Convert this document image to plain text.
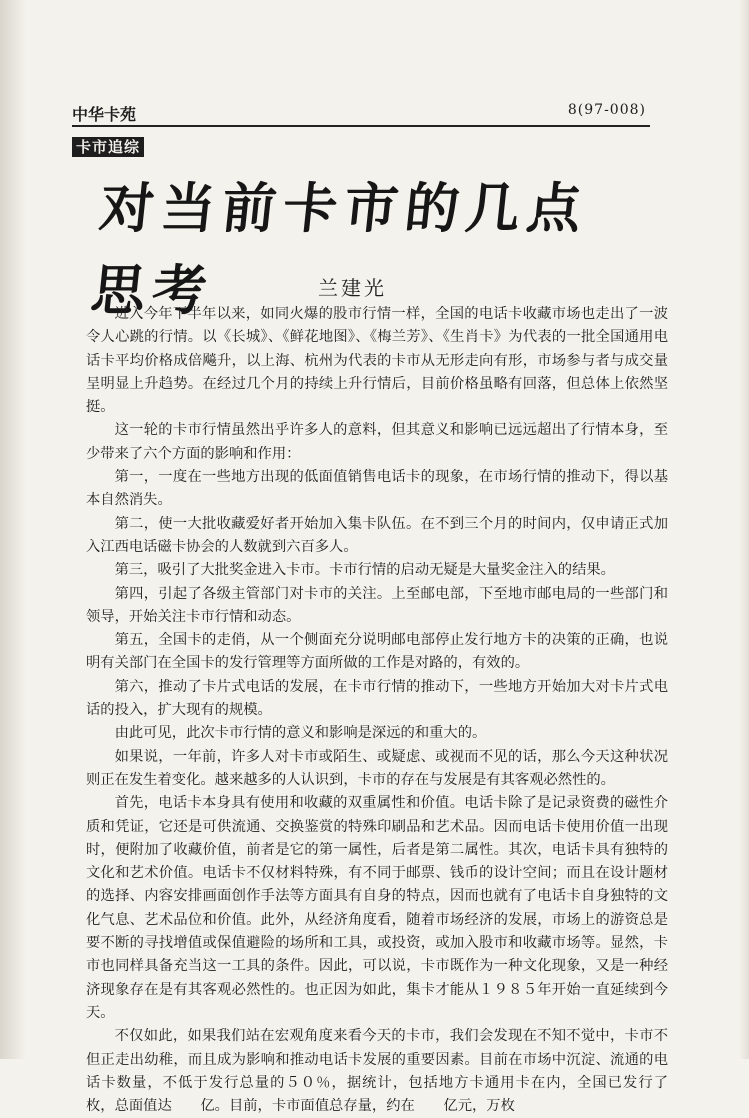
中华卡苑	8(97-008)
卡市追综
对当前卡市的几点思考	兰建光

进入今年下半年以来，如同火爆的股市行情一样，全国的电话卡收藏市场也走出了一波令人心跳的行情。以《长城》、《鲜花地图》、《梅兰芳》、《生肖卡》为代表的一批全国通用电话卡平均价格成倍飚升，以上海、杭州为代表的卡市从无形走向有形，市场参与者与成交量呈明显上升趋势。在经过几个月的持续上升行情后，目前价格虽略有回落，但总体上依然坚挺。

这一轮的卡市行情虽然出乎许多人的意料，但其意义和影响已远远超出了行情本身，至少带来了六个方面的影响和作用：

第一，一度在一些地方出现的低面值销售电话卡的现象，在市场行情的推动下，得以基本自然消失。

第二，使一大批收藏爱好者开始加入集卡队伍。在不到三个月的时间内，仅申请正式加入江西电话磁卡协会的人数就到六百多人。

第三，吸引了大批奖金进入卡市。卡市行情的启动无疑是大量奖金注入的结果。

第四，引起了各级主管部门对卡市的关注。上至邮电部，下至地市邮电局的一些部门和领导，开始关注卡市行情和动态。

第五，全国卡的走俏，从一个侧面充分说明邮电部停止发行地方卡的决策的正确，也说明有关部门在全国卡的发行管理等方面所做的工作是对路的，有效的。

第六，推动了卡片式电话的发展，在卡市行情的推动下，一些地方开始加大对卡片式电话的投入，扩大现有的规模。

由此可见，此次卡市行情的意义和影响是深远的和重大的。

如果说，一年前，许多人对卡市或陌生、或疑虑、或视而不见的话，那么今天这种状况则正在发生着变化。越来越多的人认识到，卡市的存在与发展是有其客观必然性的。

首先，电话卡本身具有使用和收藏的双重属性和价值。电话卡除了是记录资费的磁性介质和凭证，它还是可供流通、交换鉴赏的特殊印刷品和艺术品。因而电话卡使用价值一出现时，便附加了收藏价值，前者是它的第一属性，后者是第二属性。其次，电话卡具有独特的文化和艺术价值。电话卡不仅材料特殊，有不同于邮票、钱币的设计空间；而且在设计题材的选择、内容安排画面创作手法等方面具有自身的特点，因而也就有了电话卡自身独特的文化气息、艺术品位和价值。此外，从经济角度看，随着市场经济的发展，市场上的游资总是要不断的寻找增值或保值避险的场所和工具，或投资，或加入股市和收藏市场等。显然，卡市也同样具备充当这一工具的条件。因此，可以说，卡市既作为一种文化现象，又是一种经济现象存在是有其客观必然性的。也正因为如此，集卡才能从１９８５年开始一直延续到今天。

不仅如此，如果我们站在宏观角度来看今天的卡市，我们会发现在不知不觉中，卡市不但正走出幼稚，而且成为影响和推动电话卡发展的重要因素。目前在市场中沉淀、流通的电话卡数量，不低于发行总量的５０％，据统计，包括地方卡通用卡在内，全国已发行了　　枚，总面值达　　亿。目前，卡市面值总存量，约在　　亿元，万枚
